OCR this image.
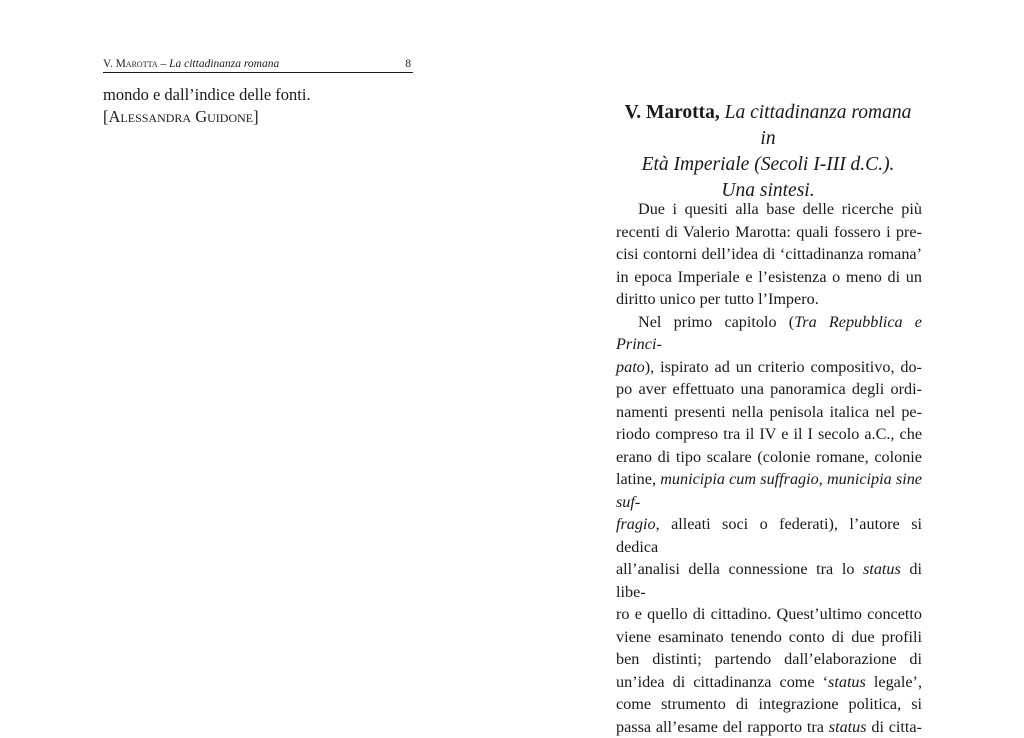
V. Marotta – La cittadinanza romana	8

mondo e dall’indice delle fonti.

[Alessandra Guidone]	V. Marotta, La cittadinanza romana in

Età Imperiale (Secoli I-III d.C.).

Una sintesi.

Due i quesiti alla base delle ricerche più

recenti di Valerio Marotta: quali fossero i pre-

cisi contorni dell’idea di ‘cittadinanza romana’

in epoca Imperiale e l’esistenza o meno di un

diritto unico per tutto l’Impero.

Nel primo capitolo (Tra Repubblica e Princi-

pato), ispirato ad un criterio compositivo, do-

po aver effettuato una panoramica degli ordi-

namenti presenti nella penisola italica nel pe-

riodo compreso tra il IV e il I secolo a.C., che

erano di tipo scalare (colonie romane, colonie

latine, municipia cum suffragio, municipia sine suf-

fragio, alleati soci o federati), l’autore si dedica

all’analisi della connessione tra lo status di libe-

ro e quello di cittadino. Quest’ultimo concetto

viene esaminato tenendo conto di due profili

ben distinti; partendo dall’elaborazione di

un’idea di cittadinanza come ‘status legale’,

come strumento di integrazione politica, si

passa all’esame del rapporto tra status di citta-
